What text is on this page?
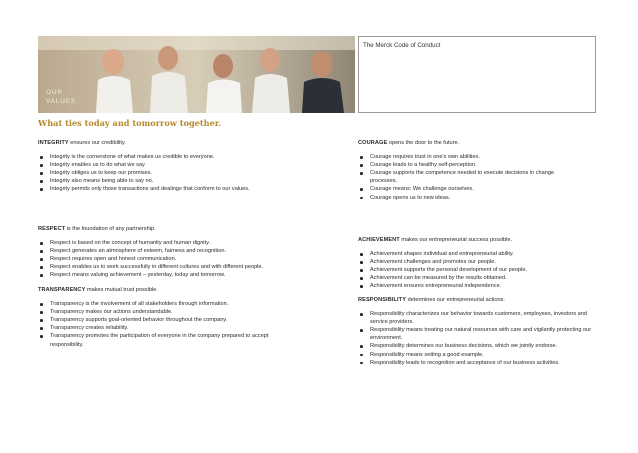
OUR
VALUES
The Merck Code of Conduct
What ties today and tomorrow together.

INTEGRITY ensures our credibility.

Integrity is the cornerstone of what makes us credible to everyone.
Integrity enables us to do what we say.
Integrity obliges us to keep our promises.
Integrity also means being able to say no.
Integrity permits only those transactions and dealings that conform to our values.

RESPECT is the foundation of any partnership.

Respect is based on the concept of humanity and human dignity.
Respect generates an atmosphere of esteem, fairness and recognition.
Respect requires open and honest communication.
Respect enables us to work successfully in different cultures and with different people.
Respect means valuing achievement – yesterday, today and tomorrow.

TRANSPARENCY makes mutual trust possible.

Transparency is the involvement of all stakeholders through information.
Transparency makes our actions understandable.
Transparency supports goal-oriented behavior throughout the company.
Transparency creates reliability.
Transparency promotes the participation of everyone in the company prepared to accept responsibility.

COURAGE opens the door to the future.

Courage requires trust in one's own abilities.
Courage leads to a healthy self-perception.
Courage supports the competence needed to execute decisions in change processes.
Courage means: We challenge ourselves.
Courage opens us to new ideas.

ACHIEVEMENT makes our entrepreneurial success possible.

Achievement shapes individual and entrepreneurial ability.
Achievement challenges and promotes our people.
Achievement supports the personal development of our people.
Achievement can be measured by the results obtained.
Achievement ensures entrepreneurial independence.

RESPONSIBILITY determines our entrepreneurial actions.

Responsibility characterizes our behavior towards customers, employees, investors and service providers.
Responsibility means treating our natural resources with care and vigilantly protecting our environment.
Responsibility determines our business decisions, which we jointly endorse.
Responsibility means setting a good example.
Responsibility leads to recognition and acceptance of our business activities.
